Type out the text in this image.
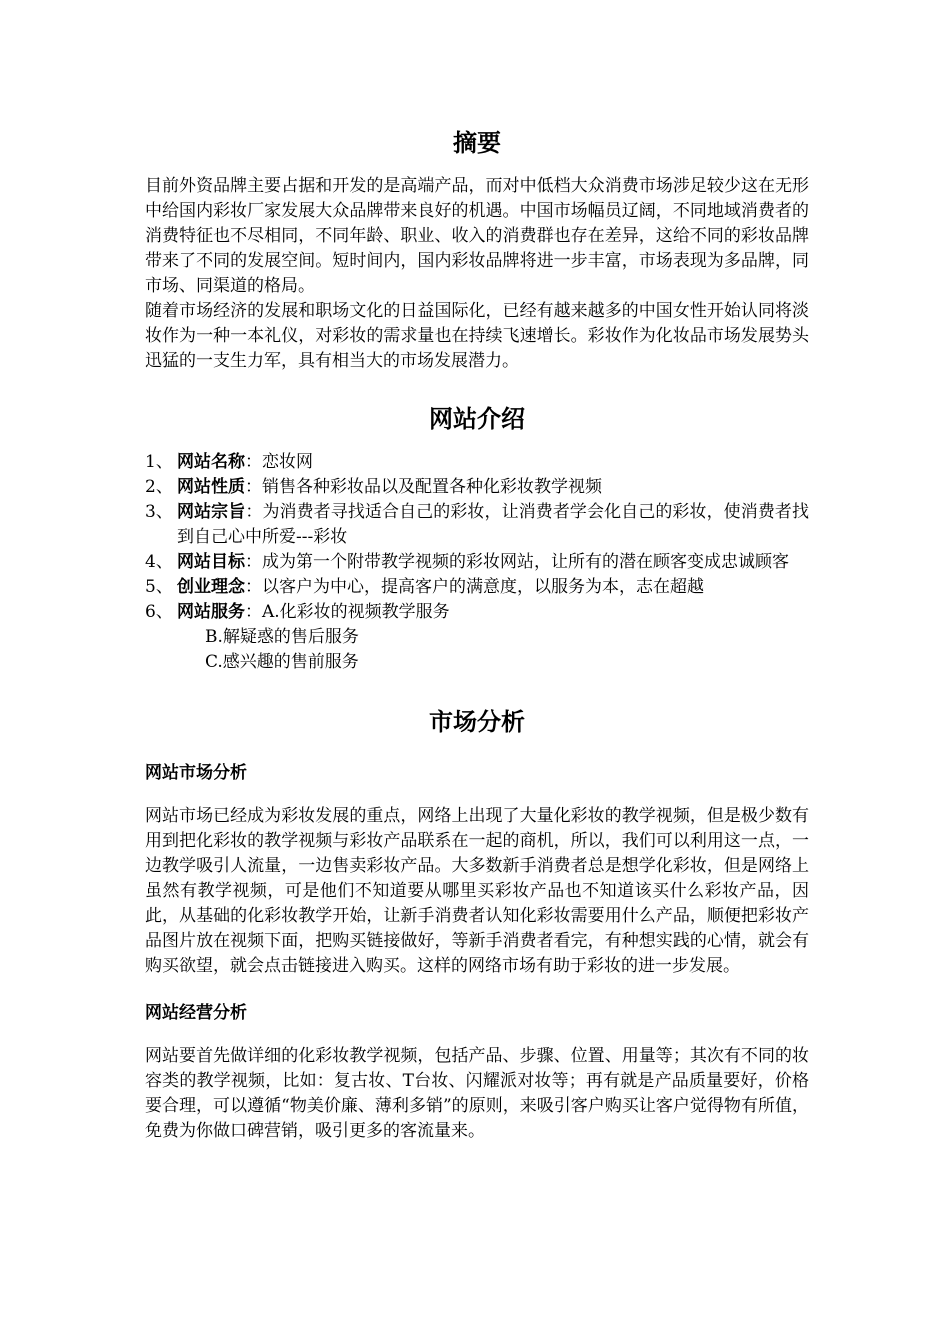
摘要

目前外资品牌主要占据和开发的是高端产品，而对中低档大众消费市场涉足较少这在无形中给国内彩妆厂家发展大众品牌带来良好的机遇。中国市场幅员辽阔，不同地域消费者的消费特征也不尽相同，不同年龄、职业、收入的消费群也存在差异，这给不同的彩妆品牌带来了不同的发展空间。短时间内，国内彩妆品牌将进一步丰富，市场表现为多品牌，同市场、同渠道的格局。

随着市场经济的发展和职场文化的日益国际化，已经有越来越多的中国女性开始认同将淡妆作为一种一本礼仪，对彩妆的需求量也在持续飞速增长。彩妆作为化妆品市场发展势头迅猛的一支生力军，具有相当大的市场发展潜力。

网站介绍
1、 网站名称：恋妆网
2、 网站性质：销售各种彩妆品以及配置各种化彩妆教学视频
3、 网站宗旨：为消费者寻找适合自己的彩妆，让消费者学会化自己的彩妆，使消费者找到自己心中所爱---彩妆
4、 网站目标：成为第一个附带教学视频的彩妆网站，让所有的潜在顾客变成忠诚顾客
5、 创业理念：以客户为中心，提高客户的满意度，以服务为本，志在超越
6、 网站服务：A.化彩妆的视频教学服务
B.解疑惑的售后服务
C.感兴趣的售前服务
市场分析
网站市场分析

网站市场已经成为彩妆发展的重点，网络上出现了大量化彩妆的教学视频，但是极少数有用到把化彩妆的教学视频与彩妆产品联系在一起的商机，所以，我们可以利用这一点，一边教学吸引人流量，一边售卖彩妆产品。大多数新手消费者总是想学化彩妆，但是网络上虽然有教学视频，可是他们不知道要从哪里买彩妆产品也不知道该买什么彩妆产品，因此，从基础的化彩妆教学开始，让新手消费者认知化彩妆需要用什么产品，顺便把彩妆产品图片放在视频下面，把购买链接做好，等新手消费者看完，有种想实践的心情，就会有购买欲望，就会点击链接进入购买。这样的网络市场有助于彩妆的进一步发展。

网站经营分析

网站要首先做详细的化彩妆教学视频，包括产品、步骤、位置、用量等；其次有不同的妆容类的教学视频，比如：复古妆、T台妆、闪耀派对妆等；再有就是产品质量要好，价格要合理，可以遵循“物美价廉、薄利多销”的原则，来吸引客户购买让客户觉得物有所值，免费为你做口碑营销，吸引更多的客流量来。
